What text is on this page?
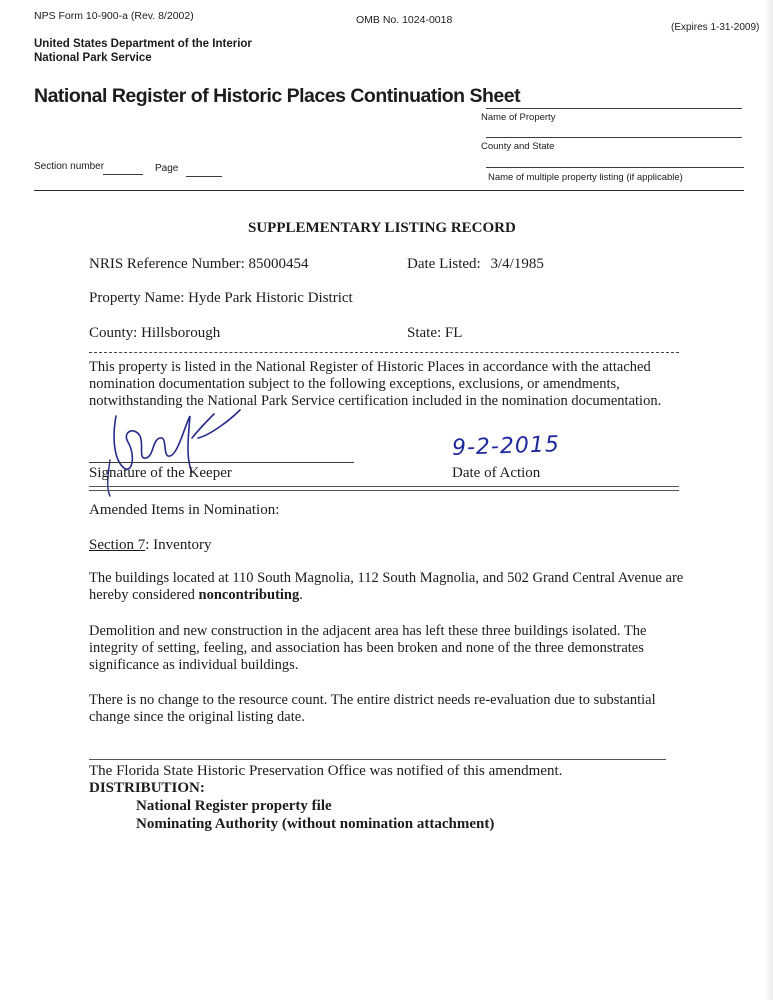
NPS Form 10-900-a (Rev. 8/2002)	OMB No. 1024-0018
(Expires 1-31-2009)
United States Department of the Interior
National Park Service
National Register of Historic Places Continuation Sheet
Name of Property
County and State
Name of multiple property listing (if applicable)
Section number	Page
SUPPLEMENTARY LISTING RECORD
NRIS Reference Number: 85000454	Date Listed: 3/4/1985
Property Name: Hyde Park Historic District
County: Hillsborough	State: FL
This property is listed in the National Register of Historic Places in accordance with the attached nomination documentation subject to the following exceptions, exclusions, or amendments, notwithstanding the National Park Service certification included in the nomination documentation.
Signature of the Keeper
9-2-2015
Date of Action
Amended Items in Nomination:
Section 7: Inventory
The buildings located at 110 South Magnolia, 112 South Magnolia, and 502 Grand Central Avenue are hereby considered noncontributing.
Demolition and new construction in the adjacent area has left these three buildings isolated. The integrity of setting, feeling, and association has been broken and none of the three demonstrates significance as individual buildings.
There is no change to the resource count. The entire district needs re-evaluation due to substantial change since the original listing date.
The Florida State Historic Preservation Office was notified of this amendment.
DISTRIBUTION:
National Register property file
Nominating Authority (without nomination attachment)
